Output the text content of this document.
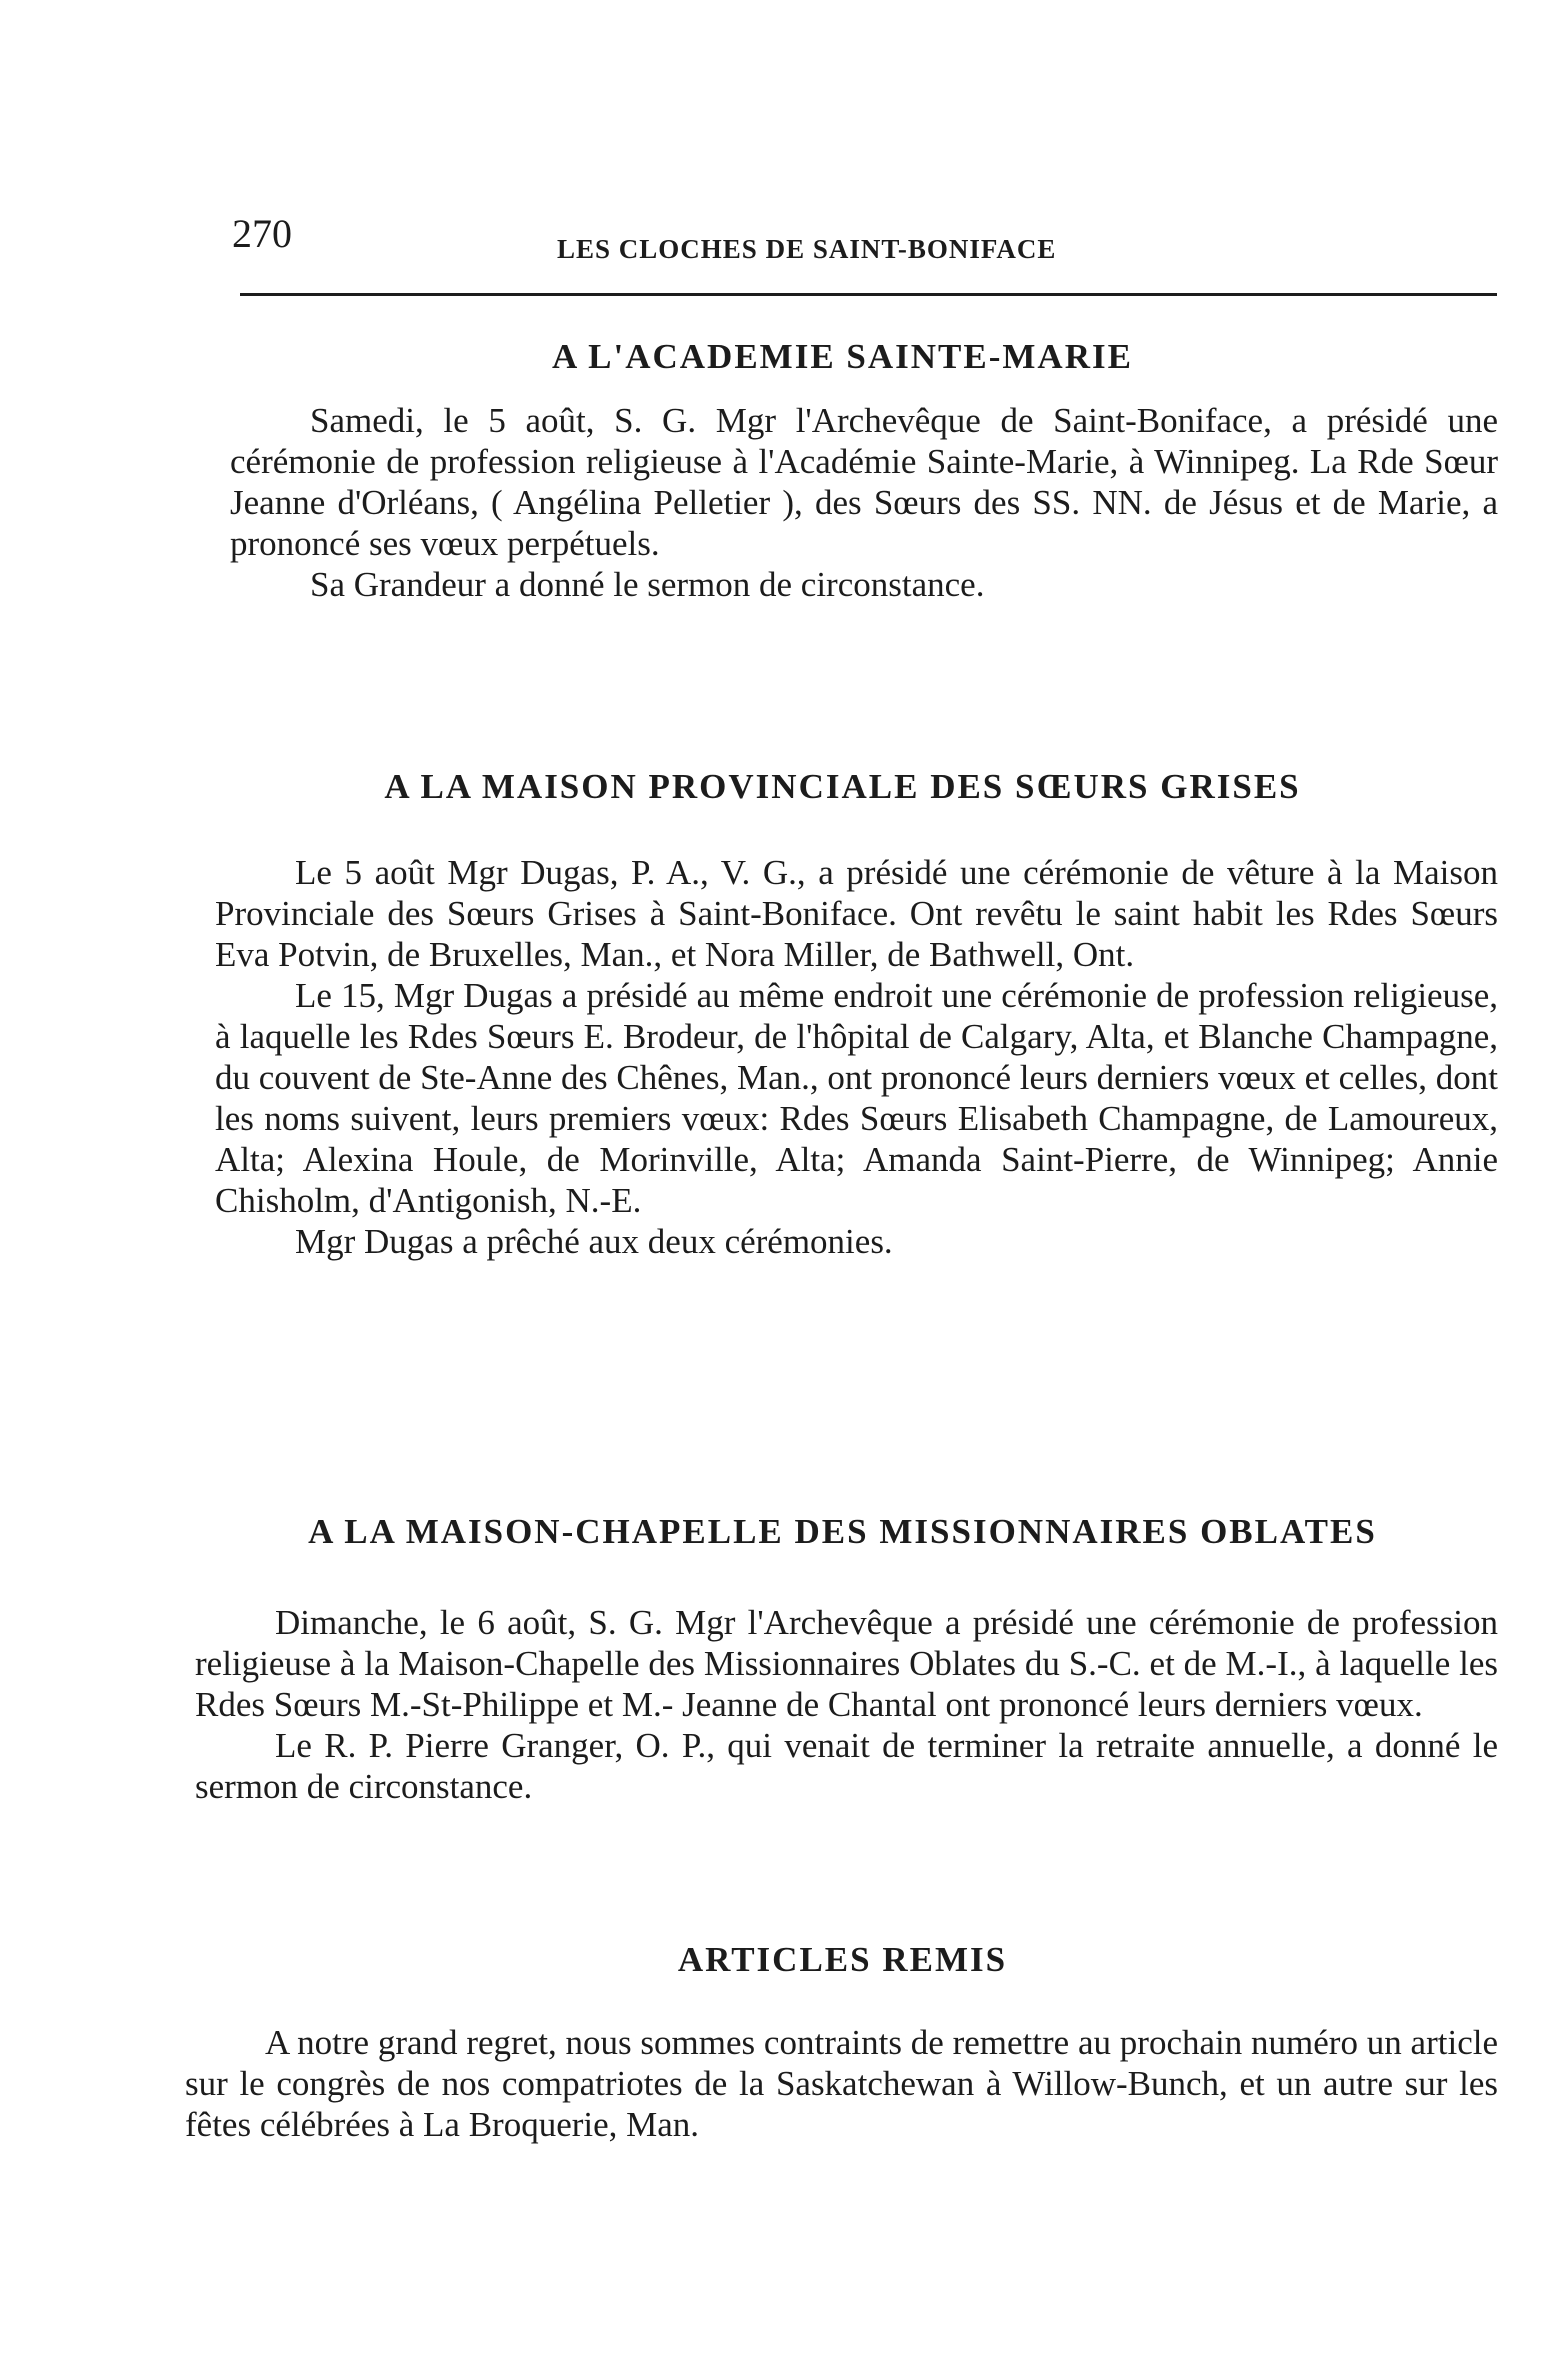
270	LES CLOCHES DE SAINT-BONIFACE
A L'ACADEMIE SAINTE-MARIE

Samedi, le 5 août, S. G. Mgr l'Archevêque de Saint-Boniface, a présidé une cérémonie de profession religieuse à l'Académie Sainte-Marie, à Winnipeg. La Rde Sœur Jeanne d'Orléans, ( Angélina Pelletier ), des Sœurs des SS. NN. de Jésus et de Marie, a prononcé ses vœux perpétuels.

Sa Grandeur a donné le sermon de circonstance.

A LA MAISON PROVINCIALE DES SŒURS GRISES

Le 5 août Mgr Dugas, P. A., V. G., a présidé une cérémonie de vêture à la Maison Provinciale des Sœurs Grises à Saint-Boniface. Ont revêtu le saint habit les Rdes Sœurs Eva Potvin, de Bruxelles, Man., et Nora Miller, de Bathwell, Ont.

Le 15, Mgr Dugas a présidé au même endroit une cérémonie de profession religieuse, à laquelle les Rdes Sœurs E. Brodeur, de l'hôpital de Calgary, Alta, et Blanche Champagne, du couvent de Ste-Anne des Chênes, Man., ont prononcé leurs derniers vœux et celles, dont les noms suivent, leurs premiers vœux: Rdes Sœurs Elisabeth Champagne, de Lamoureux, Alta; Alexina Houle, de Morinville, Alta; Amanda Saint-Pierre, de Winnipeg; Annie Chisholm, d'Antigonish, N.-E.

Mgr Dugas a prêché aux deux cérémonies.

A LA MAISON-CHAPELLE DES MISSIONNAIRES OBLATES

Dimanche, le 6 août, S. G. Mgr l'Archevêque a présidé une cérémonie de profession religieuse à la Maison-Chapelle des Missionnaires Oblates du S.-C. et de M.-I., à laquelle les Rdes Sœurs M.-St-Philippe et M.- Jeanne de Chantal ont prononcé leurs derniers vœux.

Le R. P. Pierre Granger, O. P., qui venait de terminer la retraite annuelle, a donné le sermon de circonstance.

ARTICLES REMIS

A notre grand regret, nous sommes contraints de remettre au prochain numéro un article sur le congrès de nos compatriotes de la Saskatchewan à Willow-Bunch, et un autre sur les fêtes célébrées à La Broquerie, Man.
